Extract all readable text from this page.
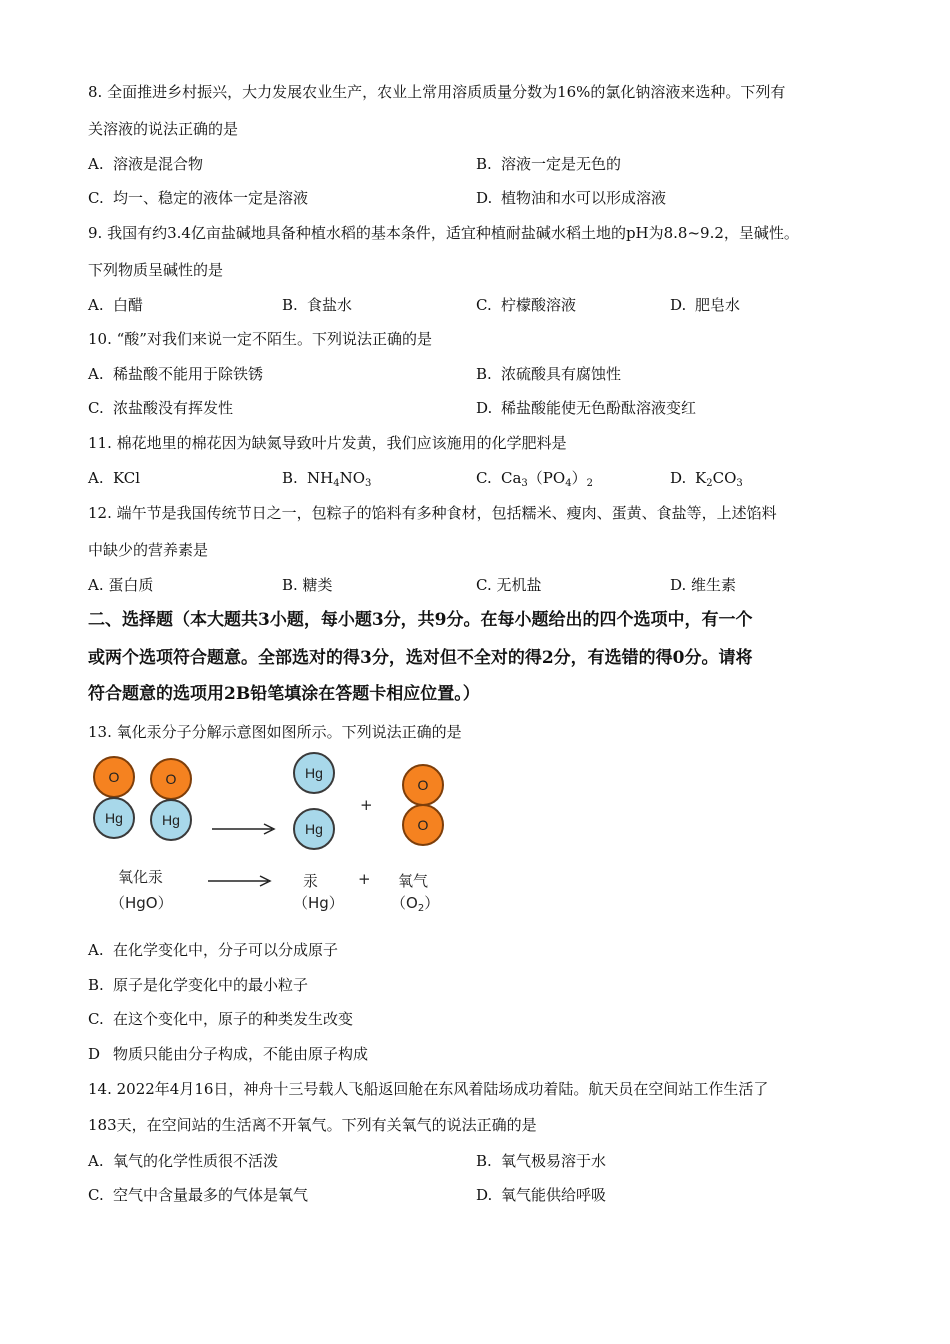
8. 全面推进乡村振兴，大力发展农业生产，农业上常用溶质质量分数为16%的氯化钠溶液来选种。下列有
关溶液的说法正确的是
A. 溶液是混合物	B. 溶液一定是无色的
C. 均一、稳定的液体一定是溶液	D. 植物油和水可以形成溶液
9. 我国有约3.4亿亩盐碱地具备种植水稻的基本条件，适宜种植耐盐碱水稻土地的pH为8.8~9.2，呈碱性。
下列物质呈碱性的是
A. 白醋	B. 食盐水	C. 柠檬酸溶液	D. 肥皂水
10. “酸”对我们来说一定不陌生。下列说法正确的是
A. 稀盐酸不能用于除铁锈	B. 浓硫酸具有腐蚀性
C. 浓盐酸没有挥发性	D. 稀盐酸能使无色酚酞溶液变红
11. 棉花地里的棉花因为缺氮导致叶片发黄，我们应该施用的化学肥料是
A. KCl	B. $NH_4NO_3$	C. $Ca_3(PO_4)_2$	D. $K_2CO_3$
12. 端午节是我国传统节日之一，包粽子的馅料有多种食材，包括糯米、瘦肉、蛋黄、食盐等，上述馅料
中缺少的营养素是
A. 蛋白质	B. 糖类	C. 无机盐	D. 维生素
二、选择题（本大题共3小题，每小题3分，共9分。在每小题给出的四个选项中，有一个
或两个选项符合题意。全部选对的得3分，选对但不全对的得2分，有选错的得0分。请将
符合题意的选项用2B铅笔填涂在答题卡相应位置。）
13. 氧化汞分子分解示意图如图所示。下列说法正确的是
O
Hg
O
Hg
Hg
Hg
+
O
O
氧化汞
（HgO）
汞
（Hg）
+ 氧气
$(O_2)$
A. 在化学变化中，分子可以分成原子
B. 原子是化学变化中的最小粒子
C. 在这个变化中，原子的种类发生改变
D 物质只能由分子构成，不能由原子构成
14. 2022年4月16日，神舟十三号载人飞船返回舱在东风着陆场成功着陆。航天员在空间站工作生活了
183天，在空间站的生活离不开氧气。下列有关氧气的说法正确的是
A. 氧气的化学性质很不活泼	B. 氧气极易溶于水
C. 空气中含量最多的气体是氧气	D. 氧气能供给呼吸
